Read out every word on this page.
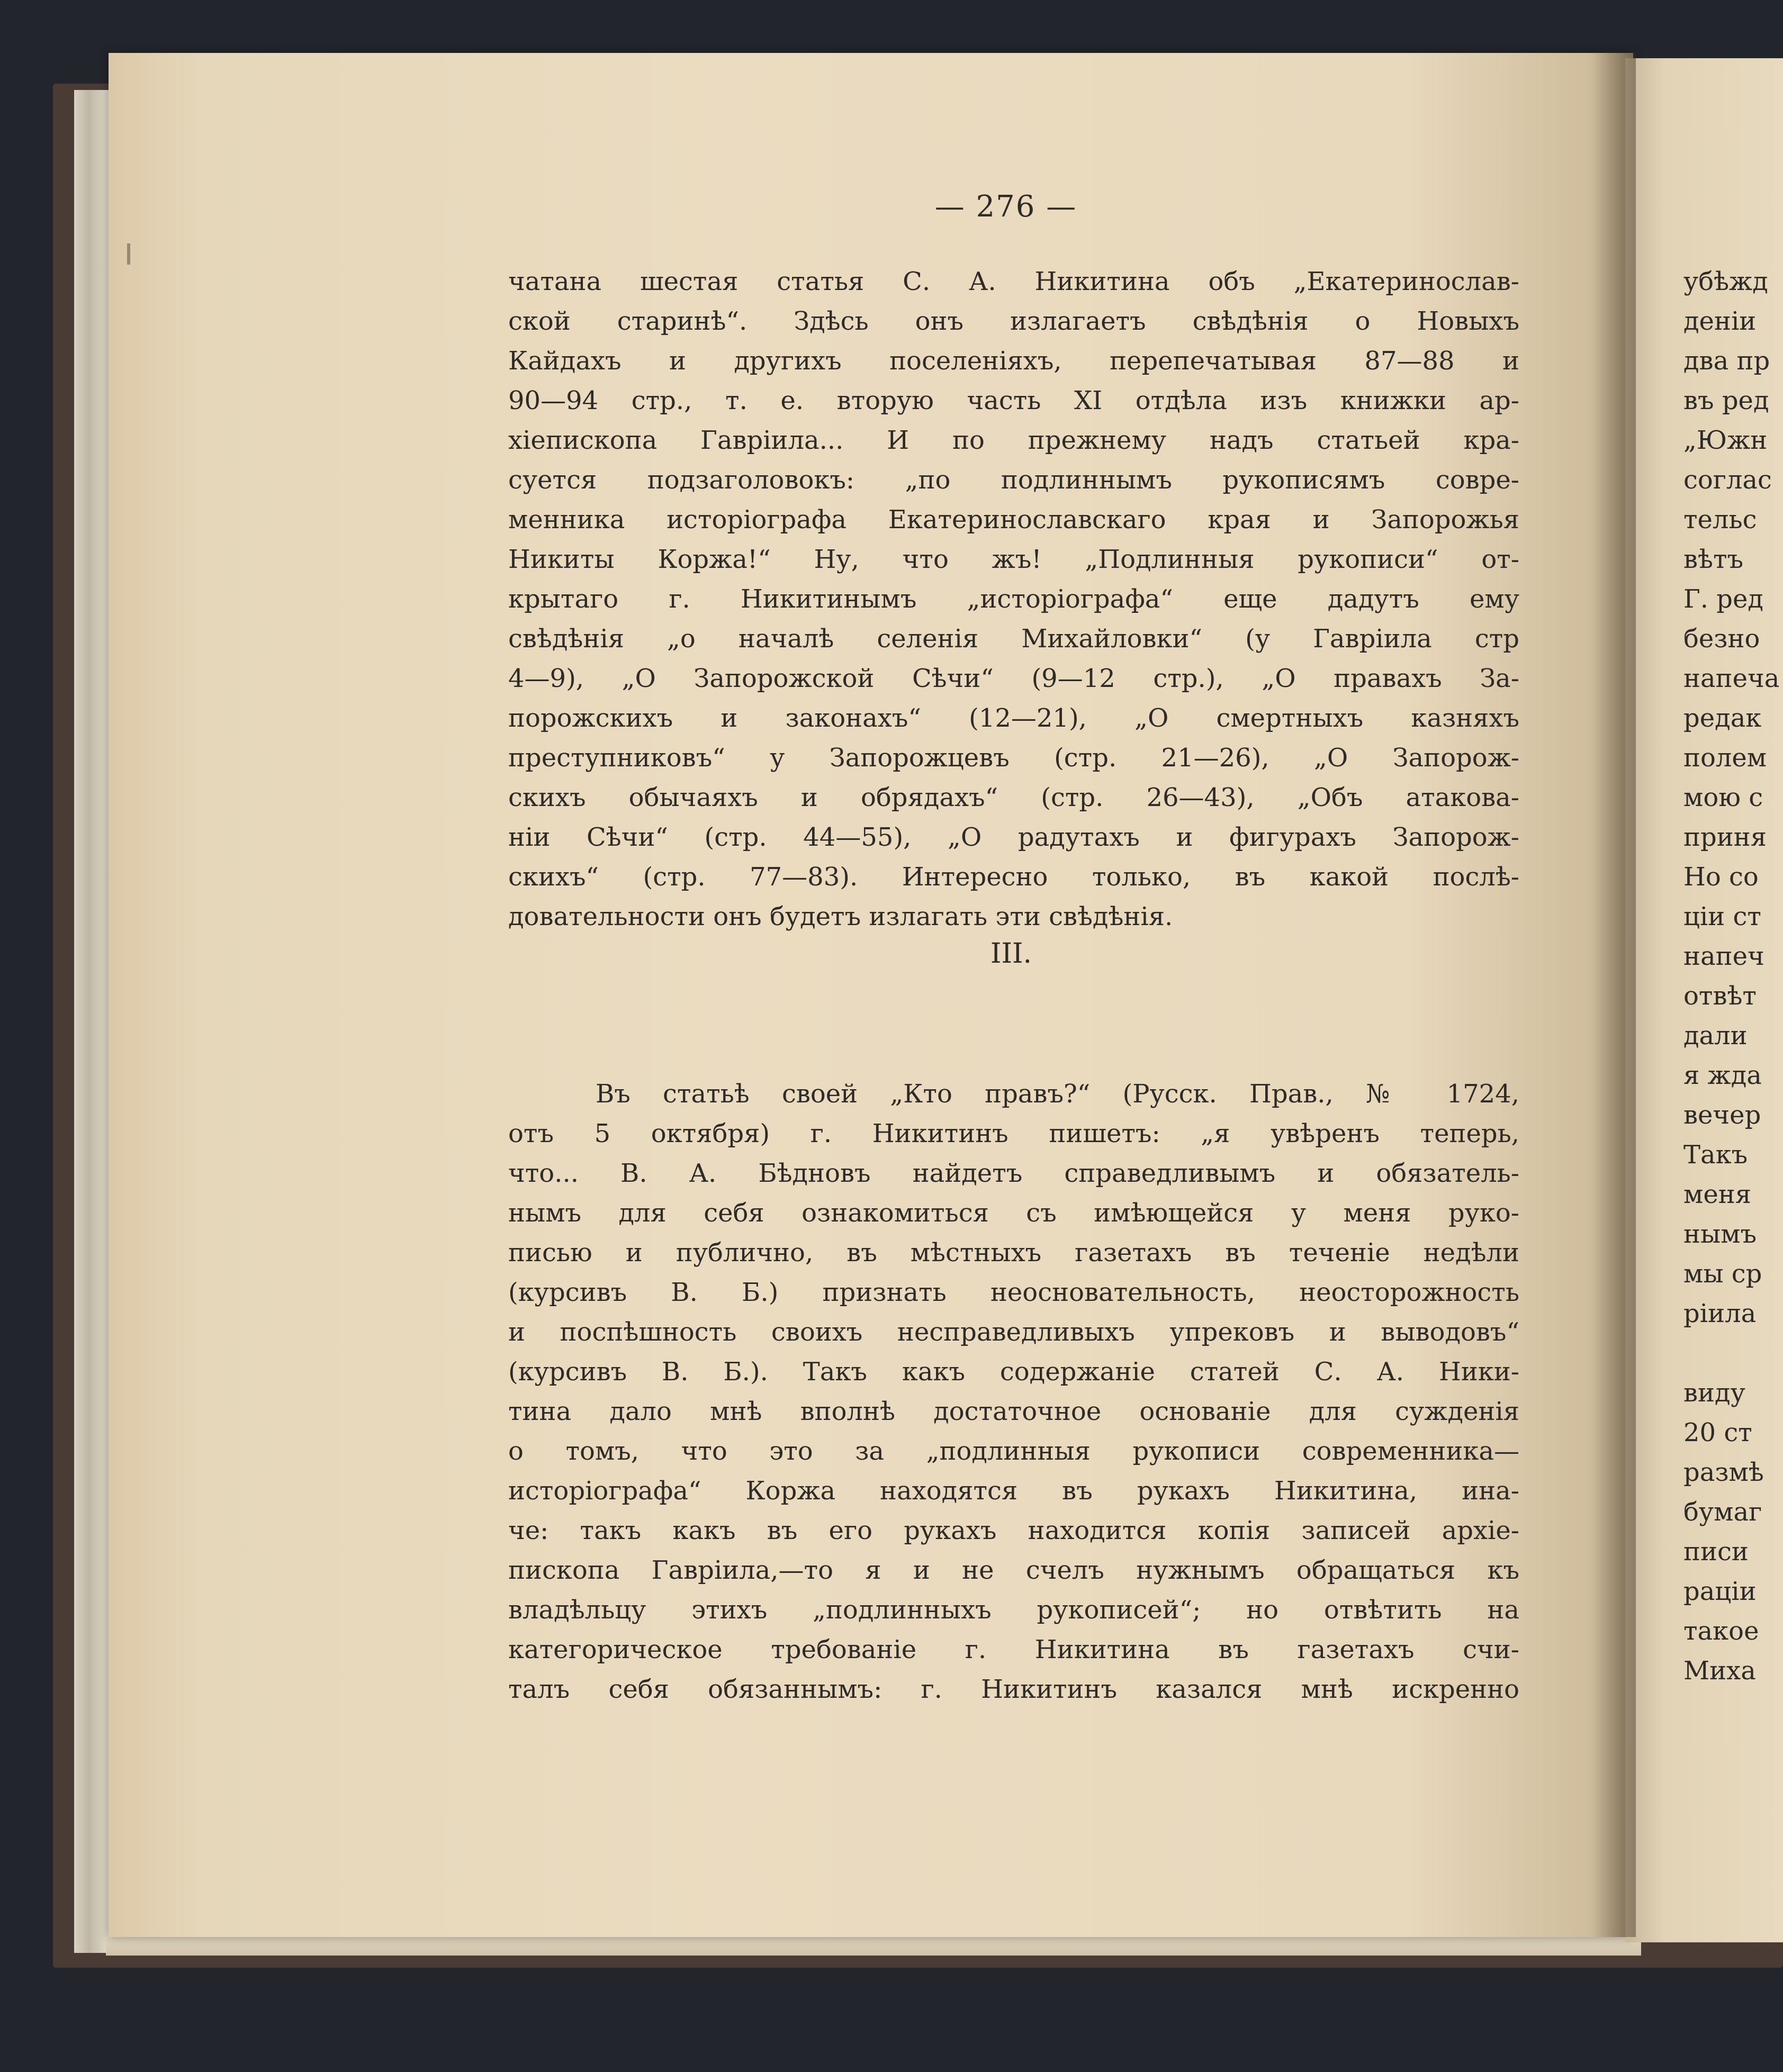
— 276 —
чатана шестая статья С. А. Никитина объ „Екатеринослав-
ской старинѣ“. Здѣсь онъ излагаетъ свѣдѣнія о Новыхъ
Кайдахъ и другихъ поселеніяхъ, перепечатывая 87—88 и
90—94 стр., т. е. вторую часть XI отдѣла изъ книжки ар-
хіепископа Гавріила... И по прежнему надъ статьей кра-
суется подзаголовокъ: „по подлиннымъ рукописямъ совре-
менника исторіографа Екатеринославскаго края и Запорожья
Никиты Коржа!“ Ну, что жъ! „Подлинныя рукописи“ от-
крытаго г. Никитинымъ „исторіографа“ еще дадутъ ему
свѣдѣнія „о началѣ селенія Михайловки“ (у Гавріила стр
4—9), „О Запорожской Сѣчи“ (9—12 стр.), „О правахъ За-
порожскихъ и законахъ“ (12—21), „О смертныхъ казняхъ
преступниковъ“ у Запорожцевъ (стр. 21—26), „О Запорож-
скихъ обычаяхъ и обрядахъ“ (стр. 26—43), „Объ атакова-
ніи Сѣчи“ (стр. 44—55), „О радутахъ и фигурахъ Запорож-
скихъ“ (стр. 77—83). Интересно только, въ какой послѣ-
довательности онъ будетъ излагать эти свѣдѣнія.
III.
Въ статьѣ своей „Кто правъ?“ (Русск. Прав., № 1724,
отъ 5 октября) г. Никитинъ пишетъ: „я увѣренъ теперь,
что... В. А. Бѣдновъ найдетъ справедливымъ и обязатель-
нымъ для себя ознакомиться съ имѣющейся у меня руко-
писью и публично, въ мѣстныхъ газетахъ въ теченіе недѣли
(курсивъ В. Б.) признать неосновательность, неосторожность
и поспѣшность своихъ несправедливыхъ упрековъ и выводовъ“
(курсивъ В. Б.). Такъ какъ содержаніе статей С. А. Ники-
тина дало мнѣ вполнѣ достаточное основаніе для сужденія
о томъ, что это за „подлинныя рукописи современника—
исторіографа“ Коржа находятся въ рукахъ Никитина, ина-
че: такъ какъ въ его рукахъ находится копія записей архіе-
пископа Гавріила,—то я и не счелъ нужнымъ обращаться къ
владѣльцу этихъ „подлинныхъ рукописей“; но отвѣтить на
категорическое требованіе г. Никитина въ газетахъ счи-
талъ себя обязаннымъ: г. Никитинъ казался мнѣ искренно
убѣжд
деніи
два пр
въ ред
„Южн
соглас
тельс
вѣтъ
Г. ред
безно
напеча
редак
полем
мою с
приня
Но со
ціи ст
напеч
отвѣт
дали
я жда
вечер
Такъ
меня
нымъ
мы ср
ріила
виду
20 ст
размѣ
бумаг
писи
раціи
такое
Миха
